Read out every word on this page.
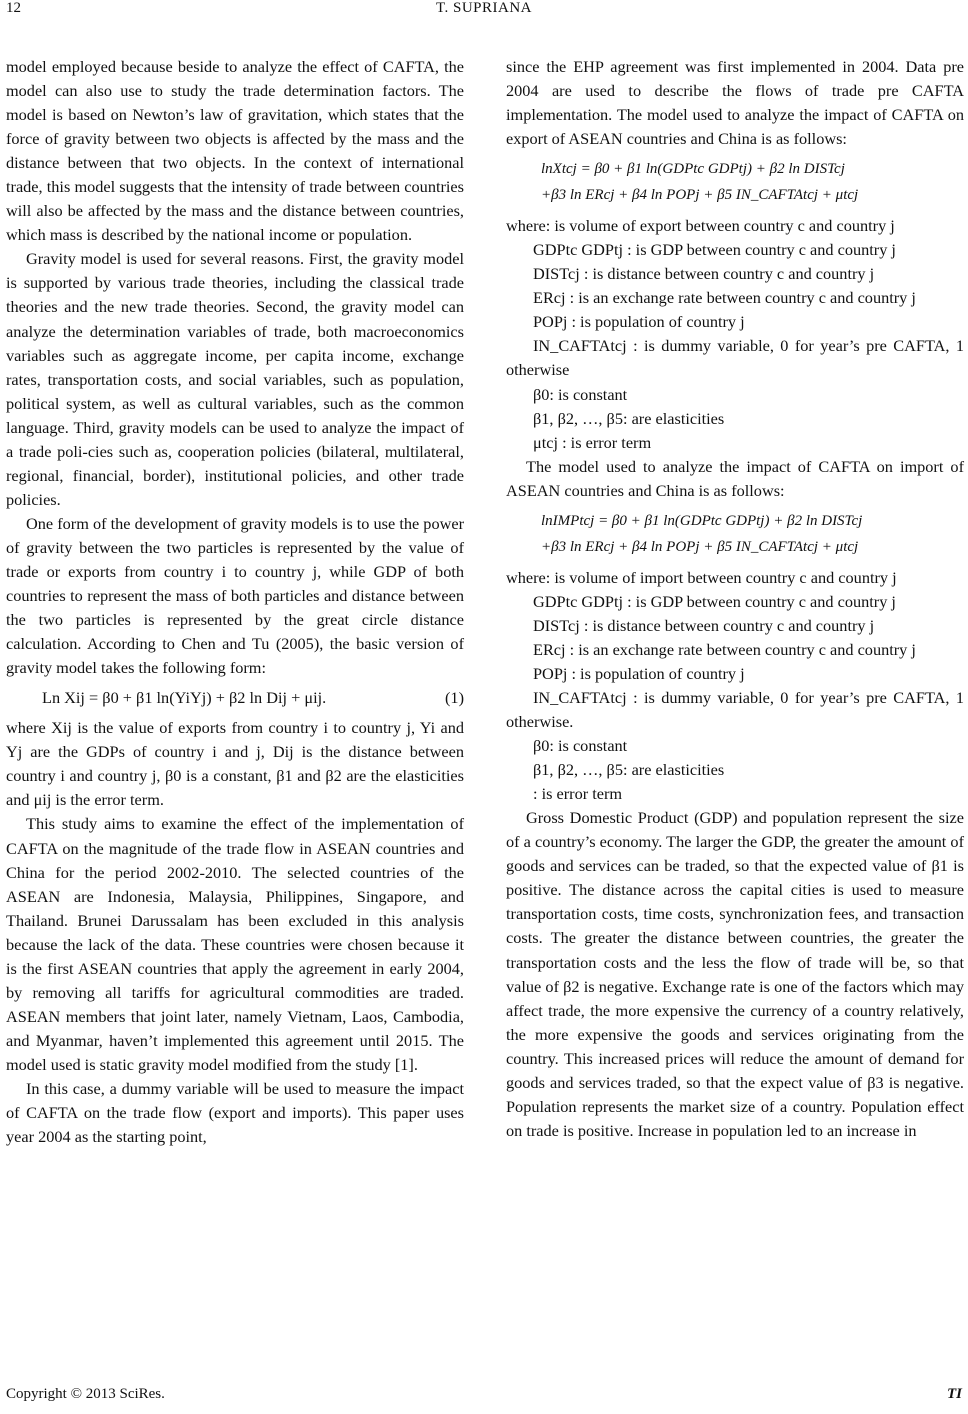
12	T. SUPRIANA

model employed because beside to analyze the effect of CAFTA, the model can also use to study the trade determination factors. The model is based on Newton’s law of gravitation, which states that the force of gravity between two objects is affected by the mass and the distance between that two objects. In the context of international trade, this model suggests that the intensity of trade between countries will also be affected by the mass and the distance between countries, which mass is described by the national income or population.

Gravity model is used for several reasons. First, the gravity model is supported by various trade theories, including the classical trade theories and the new trade theories. Second, the gravity model can analyze the determination variables of trade, both macroeconomics variables such as aggregate income, per capita income, exchange rates, transportation costs, and social variables, such as population, political system, as well as cultural variables, such as the common language. Third, gravity models can be used to analyze the impact of a trade poli-cies such as, cooperation policies (bilateral, multilateral, regional, financial, border), institutional policies, and other trade policies.

One form of the development of gravity models is to use the power of gravity between the two particles is represented by the value of trade or exports from country i to country j, while GDP of both countries to represent the mass of both particles and distance between the two particles is represented by the great circle distance calculation. According to Chen and Tu (2005), the basic version of gravity model takes the following form:

Ln Xij = β0 + β1 ln(YiYj) + β2 ln Dij + μij.	(1)

where Xij is the value of exports from country i to country j, Yi and Yj are the GDPs of country i and j, Dij is the distance between country i and country j, β0 is a constant, β1 and β2 are the elasticities and μij is the error term.

This study aims to examine the effect of the implementation of CAFTA on the magnitude of the trade flow in ASEAN countries and China for the period 2002-2010. The selected countries of the ASEAN are Indonesia, Malaysia, Philippines, Singapore, and Thailand. Brunei Darussalam has been excluded in this analysis because the lack of the data. These countries were chosen because it is the first ASEAN countries that apply the agreement in early 2004, by removing all tariffs for agricultural commodities are traded. ASEAN members that joint later, namely Vietnam, Laos, Cambodia, and Myanmar, haven’t implemented this agreement until 2015. The model used is static gravity model modified from the study [1].

In this case, a dummy variable will be used to measure the impact of CAFTA on the trade flow (export and imports). This paper uses year 2004 as the starting point,

since the EHP agreement was first implemented in 2004. Data pre 2004 are used to describe the flows of trade pre CAFTA implementation. The model used to analyze the impact of CAFTA on export of ASEAN countries and China is as follows:

lnXtcj = β0 + β1 ln(GDPtc GDPtj) + β2 ln DISTcj
+β3 ln ERcj + β4 ln POPj + β5 IN_CAFTAtcj + μtcj

where: is volume of export between country c and country j

GDPtc GDPtj : is GDP between country c and country j
DISTcj : is distance between country c and country j
ERcj : is an exchange rate between country c and country j
POPj : is population of country j
IN_CAFTAtcj : is dummy variable, 0 for year’s pre CAFTA, 1 otherwise
β0: is constant
β1, β2, …, β5: are elasticities
μtcj : is error term

The model used to analyze the impact of CAFTA on import of ASEAN countries and China is as follows:

lnIMPtcj = β0 + β1 ln(GDPtc GDPtj) + β2 ln DISTcj
+β3 ln ERcj + β4 ln POPj + β5 IN_CAFTAtcj + μtcj

where: is volume of import between country c and country j

GDPtc GDPtj : is GDP between country c and country j
DISTcj : is distance between country c and country j
ERcj : is an exchange rate between country c and country j
POPj : is population of country j
IN_CAFTAtcj : is dummy variable, 0 for year’s pre CAFTA, 1 otherwise.
β0: is constant
β1, β2, …, β5: are elasticities
: is error term

Gross Domestic Product (GDP) and population represent the size of a country’s economy. The larger the GDP, the greater the amount of goods and services can be traded, so that the expected value of β1 is positive. The distance across the capital cities is used to measure transportation costs, time costs, synchronization fees, and transaction costs. The greater the distance between countries, the greater the transportation costs and the less the flow of trade will be, so that value of β2 is negative. Exchange rate is one of the factors which may affect trade, the more expensive the currency of a country relatively, the more expensive the goods and services originating from the country. This increased prices will reduce the amount of demand for goods and services traded, so that the expect value of β3 is negative. Population represents the market size of a country. Population effect on trade is positive. Increase in population led to an increase in

Copyright © 2013 SciRes.	TI
